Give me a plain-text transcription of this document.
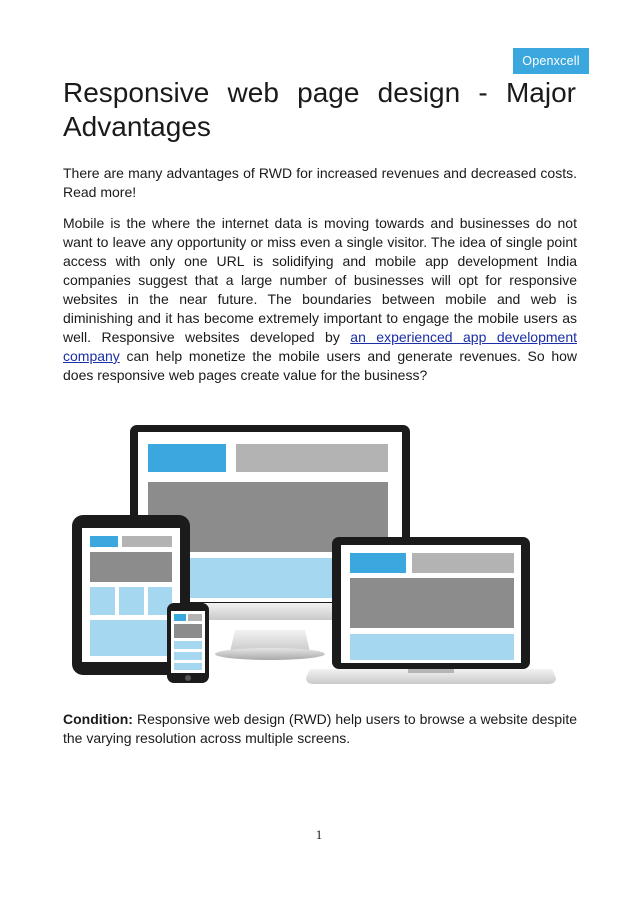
Openxcell
Responsive web page design - Major Advantages

There are many advantages of RWD for increased revenues and decreased costs. Read more!

Mobile is the where the internet data is moving towards and businesses do not want to leave any opportunity or miss even a single visitor. The idea of single point access with only one URL is solidifying and mobile app development India companies suggest that a large number of businesses will opt for responsive websites in the near future. The boundaries between mobile and web is diminishing and it has become extremely important to engage the mobile users as well. Responsive websites developed by an experienced app development company can help monetize the mobile users and generate revenues. So how does responsive web pages create value for the business?

Condition: Responsive web design (RWD) help users to browse a website despite the varying resolution across multiple screens.

1
